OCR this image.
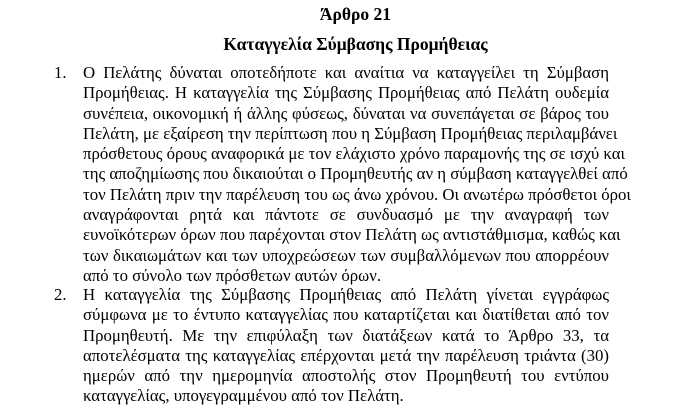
Άρθρο 21
Καταγγελία Σύμβασης Προμήθειας
1. Ο Πελάτης δύναται οποτεδήποτε και αναίτια να καταγγείλει τη Σύμβαση
Προμήθειας. Η καταγγελία της Σύμβασης Προμήθειας από Πελάτη ουδεμία
συνέπεια, οικονομική ή άλλης φύσεως, δύναται να συνεπάγεται σε βάρος του
Πελάτη, με εξαίρεση την περίπτωση που η Σύμβαση Προμήθειας περιλαμβάνει
πρόσθετους όρους αναφορικά με τον ελάχιστο χρόνο παραμονής της σε ισχύ και
της αποζημίωσης που δικαιούται ο Προμηθευτής αν η σύμβαση καταγγελθεί από
τον Πελάτη πριν την παρέλευση του ως άνω χρόνου. Οι ανωτέρω πρόσθετοι όροι
αναγράφονται ρητά και πάντοτε σε συνδυασμό με την αναγραφή των
ευνοϊκότερων όρων που παρέχονται στον Πελάτη ως αντιστάθμισμα, καθώς και
των δικαιωμάτων και των υποχρεώσεων των συμβαλλόμενων που απορρέουν
από το σύνολο των πρόσθετων αυτών όρων.
2. Η καταγγελία της Σύμβασης Προμήθειας από Πελάτη γίνεται εγγράφως
σύμφωνα με το έντυπο καταγγελίας που καταρτίζεται και διατίθεται από τον
Προμηθευτή. Με την επιφύλαξη των διατάξεων κατά το Άρθρο 33, τα
αποτελέσματα της καταγγελίας επέρχονται μετά την παρέλευση τριάντα (30)
ημερών από την ημερομηνία αποστολής στον Προμηθευτή του εντύπου
καταγγελίας, υπογεγραμμένου από τον Πελάτη.
